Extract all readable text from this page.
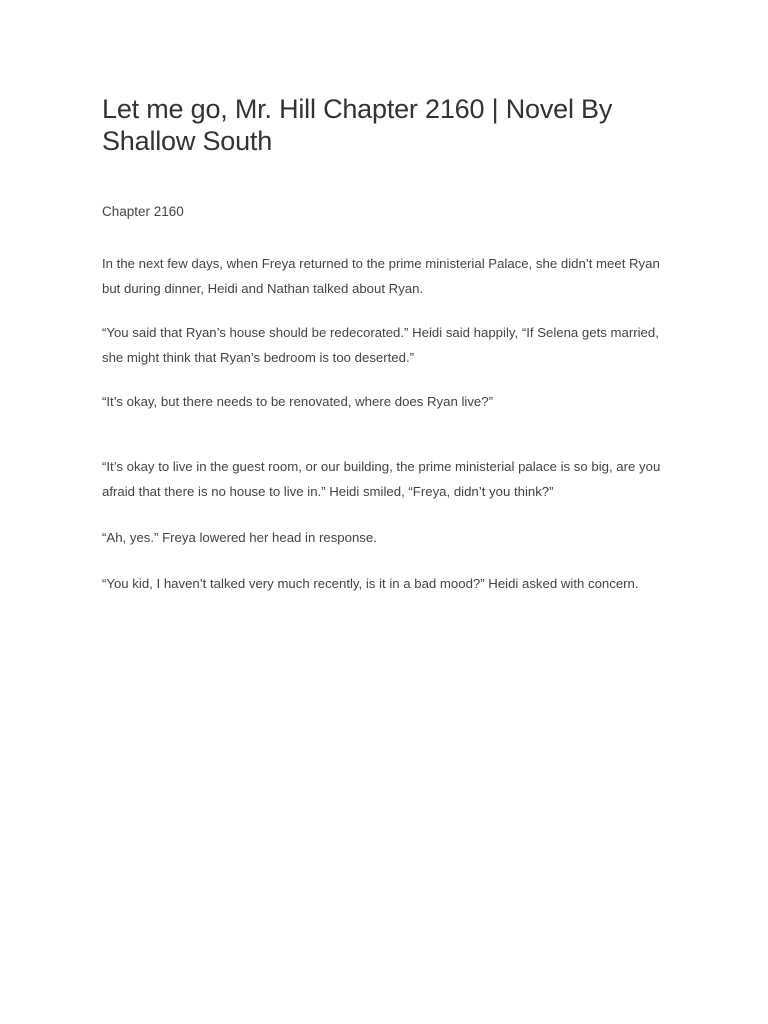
Let me go, Mr. Hill Chapter 2160 | Novel By Shallow South
Chapter 2160

In the next few days, when Freya returned to the prime ministerial Palace, she didn’t meet Ryan but during dinner, Heidi and Nathan talked about Ryan.

“You said that Ryan’s house should be redecorated.” Heidi said happily, “If Selena gets married, she might think that Ryan’s bedroom is too deserted.”

“It’s okay, but there needs to be renovated, where does Ryan live?”

“It’s okay to live in the guest room, or our building, the prime ministerial palace is so big, are you afraid that there is no house to live in.” Heidi smiled, “Freya, didn’t you think?”

“Ah, yes.” Freya lowered her head in response.

“You kid, I haven’t talked very much recently, is it in a bad mood?” Heidi asked with concern.
